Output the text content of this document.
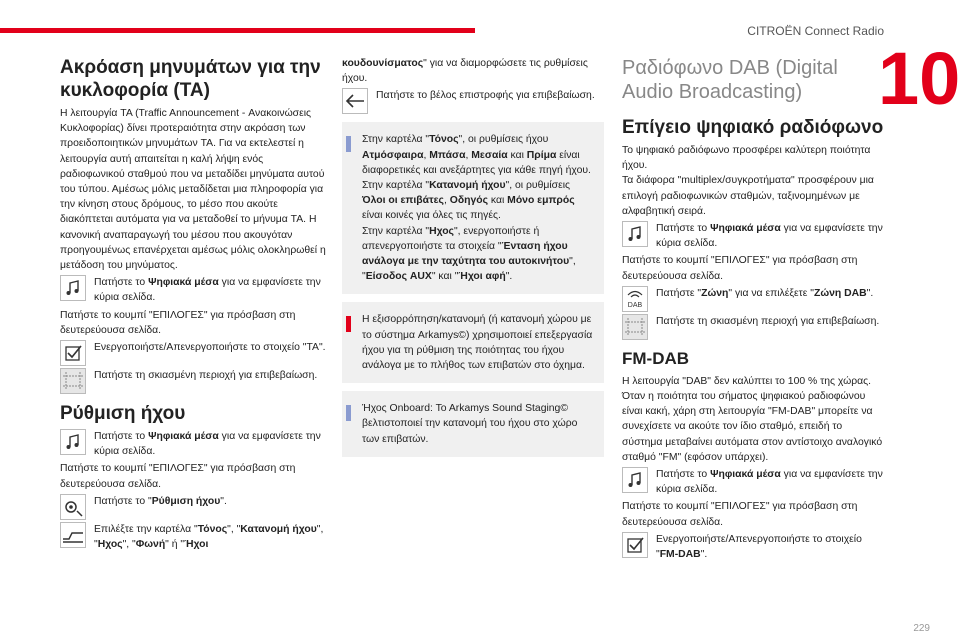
CITROËN Connect Radio
10
Ακρόαση μηνυμάτων για την κυκλοφορία (TA)

Η λειτουργία TA (Traffic Announcement - Ανακοινώσεις Κυκλοφορίας) δίνει προτεραιότητα στην ακρόαση των προειδοποιητικών μηνυμάτων TA. Για να εκτελεστεί η λειτουργία αυτή απαιτείται η καλή λήψη ενός ραδιοφωνικού σταθμού που να μεταδίδει μηνύματα αυτού του τύπου. Αμέσως μόλις μεταδίδεται μια πληροφορία για την κίνηση στους δρόμους, το μέσο που ακούτε διακόπτεται αυτόματα για να μεταδοθεί το μήνυμα TA. Η κανονική αναπαραγωγή του μέσου που ακουγόταν προηγουμένως επανέρχεται αμέσως μόλις ολοκληρωθεί η μετάδοση του μηνύματος.

Πατήστε το Ψηφιακά μέσα για να εμφανίσετε την κύρια σελίδα.

Πατήστε το κουμπί "ΕΠΙΛΟΓΕΣ" για πρόσβαση στη δευτερεύουσα σελίδα.

Ενεργοποιήστε/Απενεργοποιήστε το στοιχείο "TA".
Πατήστε τη σκιασμένη περιοχή για επιβεβαίωση.
Ρύθμιση ήχου
Πατήστε το Ψηφιακά μέσα για να εμφανίσετε την κύρια σελίδα.

Πατήστε το κουμπί "ΕΠΙΛΟΓΕΣ" για πρόσβαση στη δευτερεύουσα σελίδα.

Πατήστε το "Ρύθμιση ήχου".
Επιλέξτε την καρτέλα "Τόνος", "Κατανομή ήχου", "Ηχος", "Φωνή" ή "Ήχοι

κουδουνίσματος" για να διαμορφώσετε τις ρυθμίσεις ήχου.

Πατήστε το βέλος επιστροφής για επιβεβαίωση.

Στην καρτέλα "Τόνος", οι ρυθμίσεις ήχου Ατμόσφαιρα, Μπάσα, Μεσαία και Πρίμα είναι διαφορετικές και ανεξάρτητες για κάθε πηγή ήχου.

Στην καρτέλα "Κατανομή ήχου", οι ρυθμίσεις Όλοι οι επιβάτες, Οδηγός και Μόνο εμπρός είναι κοινές για όλες τις πηγές.

Στην καρτέλα "Ηχος", ενεργοποιήστε ή απενεργοποιήστε τα στοιχεία "Ένταση ήχου ανάλογα με την ταχύτητα του αυτοκινήτου", "Είσοδος AUX" και "Ήχοι αφή".

Η εξισορρόπηση/κατανομή (ή κατανομή χώρου με το σύστημα Arkamys©) χρησιμοποιεί επεξεργασία ήχου για τη ρύθμιση της ποιότητας του ήχου ανάλογα με το πλήθος των επιβατών στο όχημα.

Ήχος Onboard: To Arkamys Sound Staging© βελτιστοποιεί την κατανομή του ήχου στο χώρο των επιβατών.

Ραδιόφωνο DAB (Digital Audio Broadcasting)
Επίγειο ψηφιακό ραδιόφωνο

Το ψηφιακό ραδιόφωνο προσφέρει καλύτερη ποιότητα ήχου.

Τα διάφορα "multiplex/συγκροτήματα" προσφέρουν μια επιλογή ραδιοφωνικών σταθμών, ταξινομημένων με αλφαβητική σειρά.

Πατήστε το Ψηφιακά μέσα για να εμφανίσετε την κύρια σελίδα.

Πατήστε το κουμπί "ΕΠΙΛΟΓΕΣ" για πρόσβαση στη δευτερεύουσα σελίδα.

DAB
Πατήστε "Ζώνη" για να επιλέξετε "Ζώνη DAB".
Πατήστε τη σκιασμένη περιοχή για επιβεβαίωση.
FM-DAB

Η λειτουργία "DAB" δεν καλύπτει το 100 % της χώρας. Όταν η ποιότητα του σήματος ψηφιακού ραδιοφώνου είναι κακή, χάρη στη λειτουργία "FM-DAB" μπορείτε να συνεχίσετε να ακούτε τον ίδιο σταθμό, επειδή το σύστημα μεταβαίνει αυτόματα στον αντίστοιχο αναλογικό σταθμό "FM" (εφόσον υπάρχει).

Πατήστε το Ψηφιακά μέσα για να εμφανίσετε την κύρια σελίδα.

Πατήστε το κουμπί "ΕΠΙΛΟΓΕΣ" για πρόσβαση στη δευτερεύουσα σελίδα.

Ενεργοποιήστε/Απενεργοποιήστε το στοιχείο "FM-DAB".
229
